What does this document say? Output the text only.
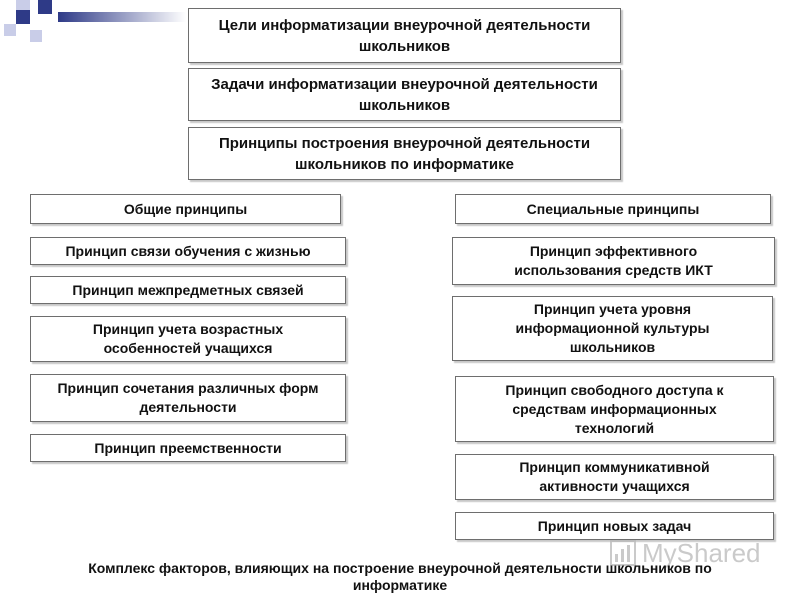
Цели информатизации внеурочной деятельности школьников
Задачи информатизации внеурочной деятельности школьников
Принципы построения внеурочной деятельности школьников по информатике
Общие принципы
Принцип связи обучения с жизнью
Принцип межпредметных связей
Принцип учета возрастных особенностей учащихся
Принцип сочетания различных форм деятельности
Принцип преемственности
Специальные принципы
Принцип эффективного использования средств ИКТ
Принцип учета уровня информационной культуры школьников
Принцип свободного доступа к средствам информационных технологий
Принцип коммуникативной активности учащихся
Принцип новых задач
MyShared
Комплекс факторов, влияющих на построение внеурочной деятельности школьников по информатике
